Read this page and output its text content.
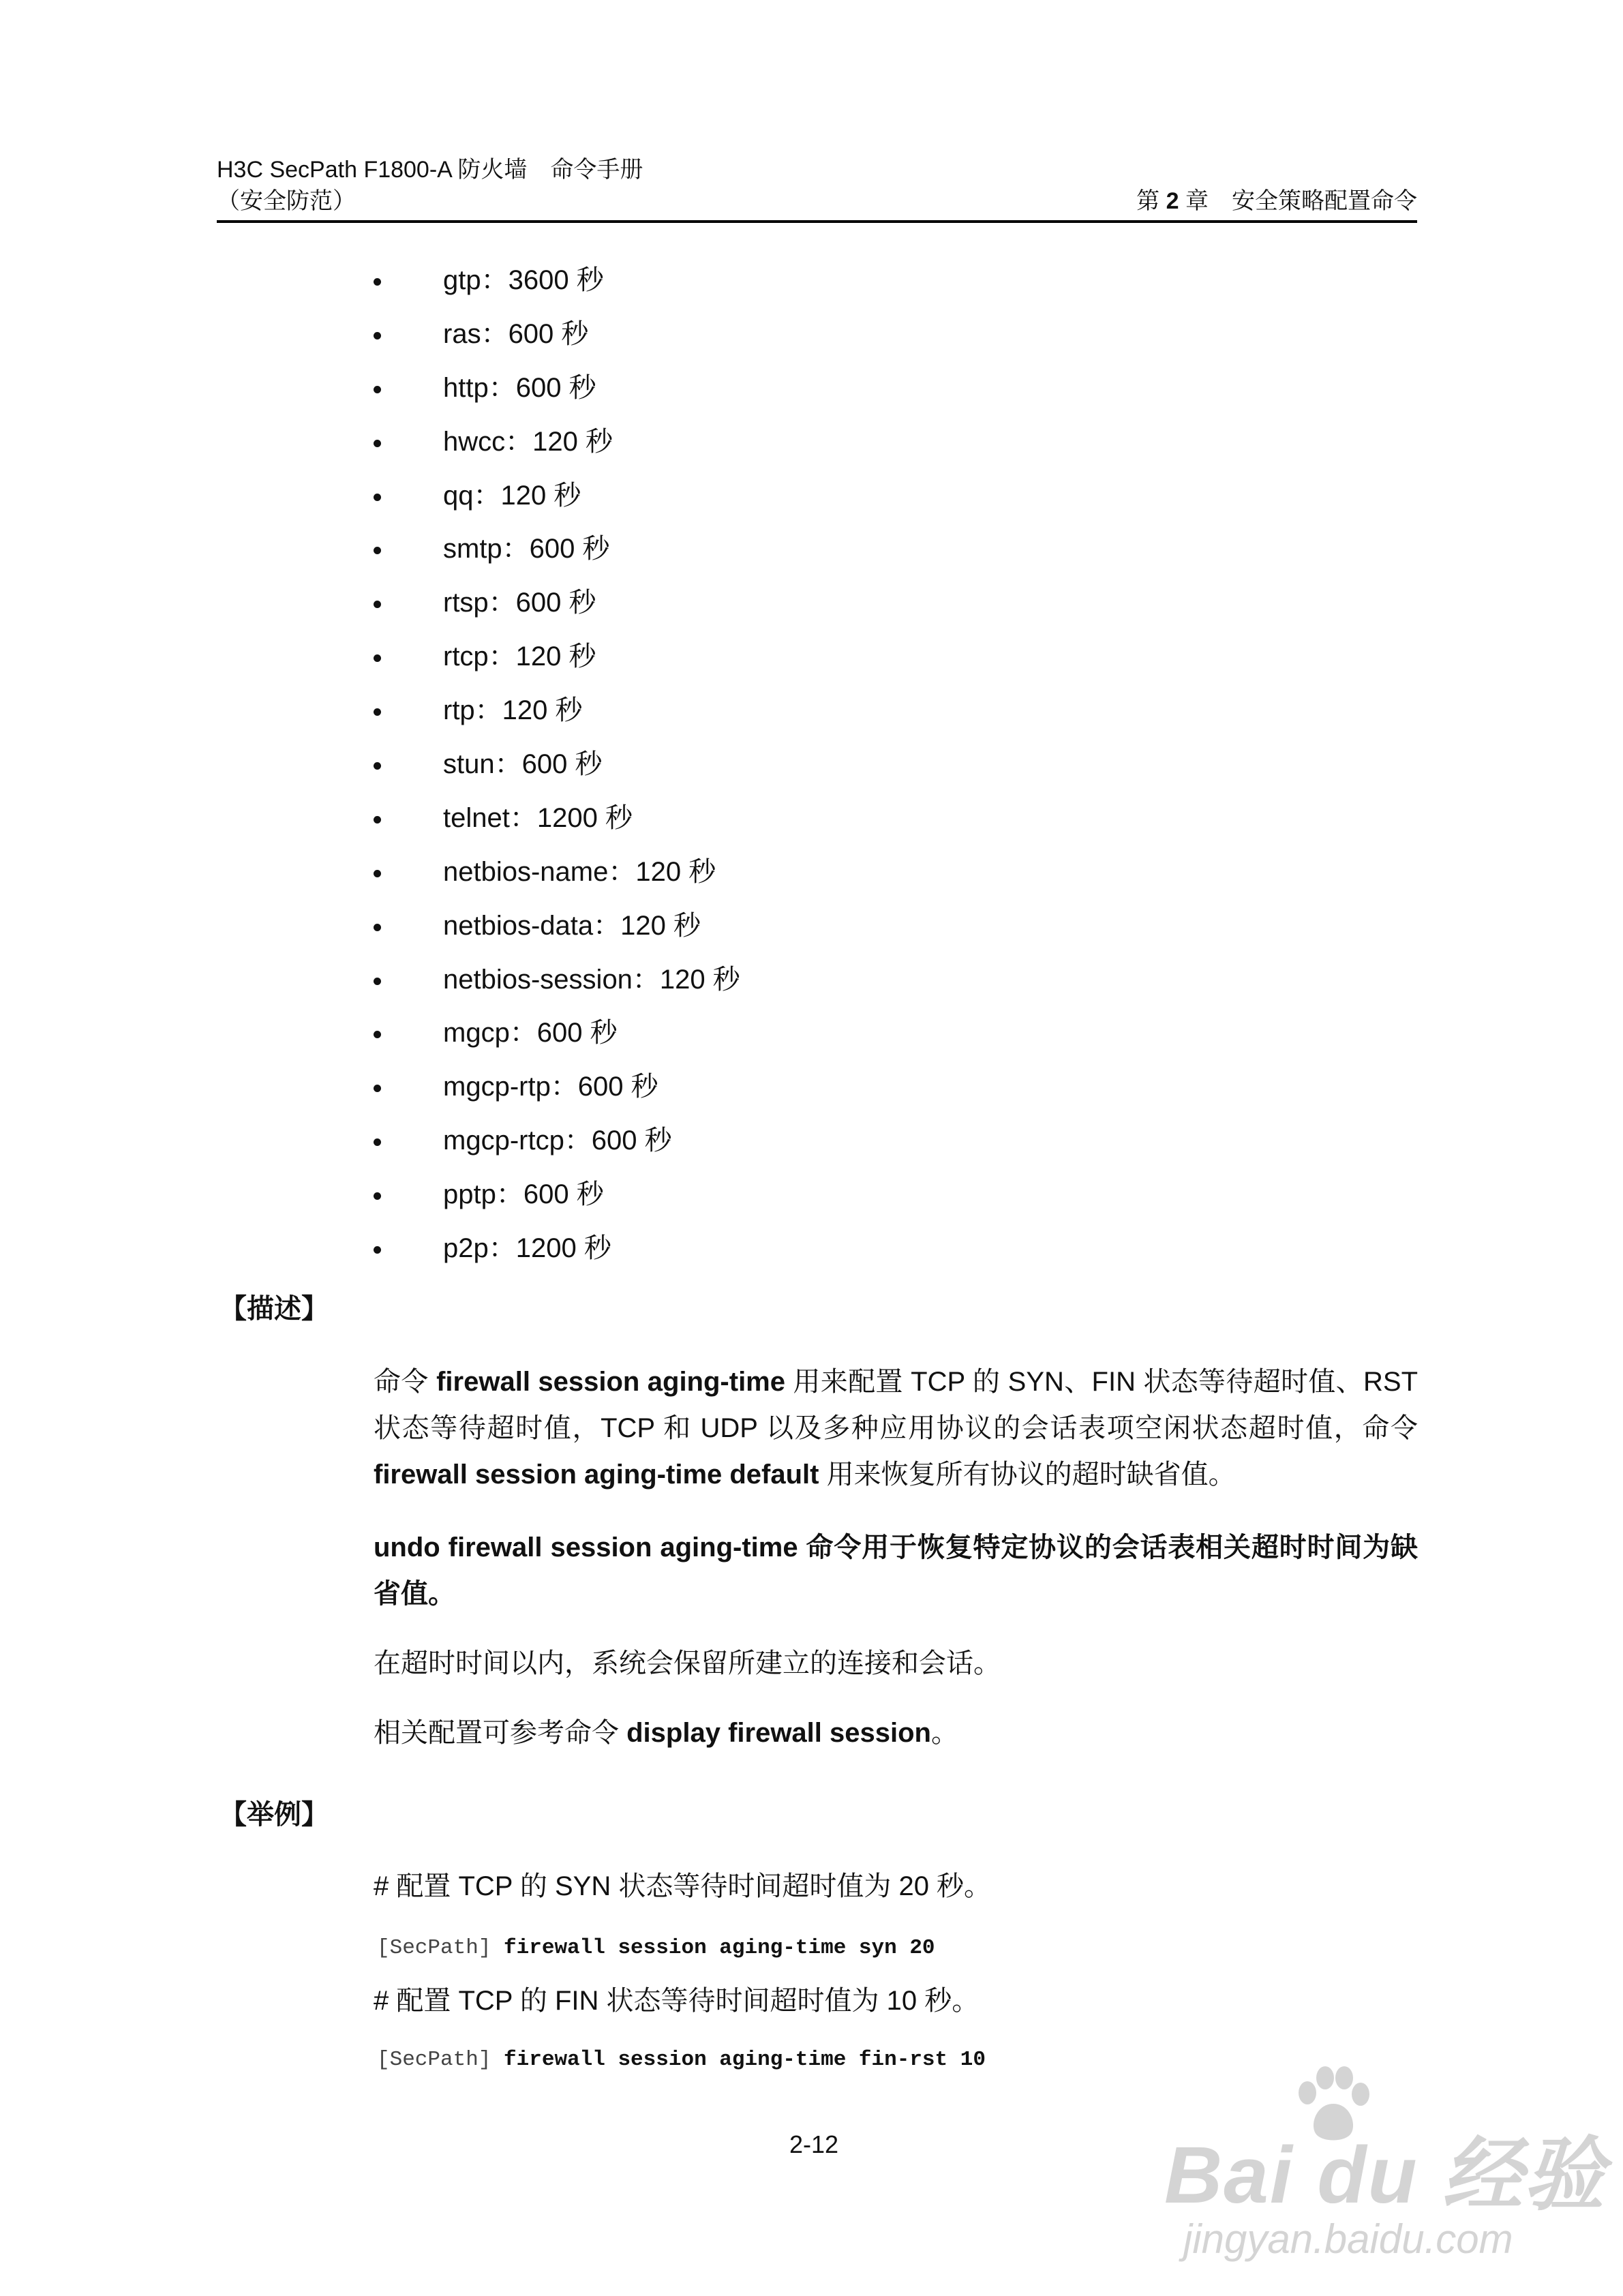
H3C SecPath F1800-A 防火墙　命令手册
（安全防范）	第 2 章 安全策略配置命令
gtp：3600 秒
ras：600 秒
http：600 秒
hwcc：120 秒
qq：120 秒
smtp：600 秒
rtsp：600 秒
rtcp：120 秒
rtp：120 秒
stun：600 秒
telnet：1200 秒
netbios-name：120 秒
netbios-data：120 秒
netbios-session：120 秒
mgcp：600 秒
mgcp-rtp：600 秒
mgcp-rtcp：600 秒
pptp：600 秒
p2p：1200 秒
【描述】

命令 firewall session aging-time 用来配置 TCP 的 SYN、FIN 状态等待超时值、RST 状态等待超时值，TCP 和 UDP 以及多种应用协议的会话表项空闲状态超时值，命令 firewall session aging-time default 用来恢复所有协议的超时缺省值。

undo firewall session aging-time 命令用于恢复特定协议的会话表相关超时时间为缺省值。

在超时时间以内，系统会保留所建立的连接和会话。

相关配置可参考命令 display firewall session。

【举例】

# 配置 TCP 的 SYN 状态等待时间超时值为 20 秒。

[SecPath] firewall session aging-time syn 20

# 配置 TCP 的 FIN 状态等待时间超时值为 10 秒。

[SecPath] firewall session aging-time fin-rst 10
2-12	Bai du 经验
jingyan.baidu.com
